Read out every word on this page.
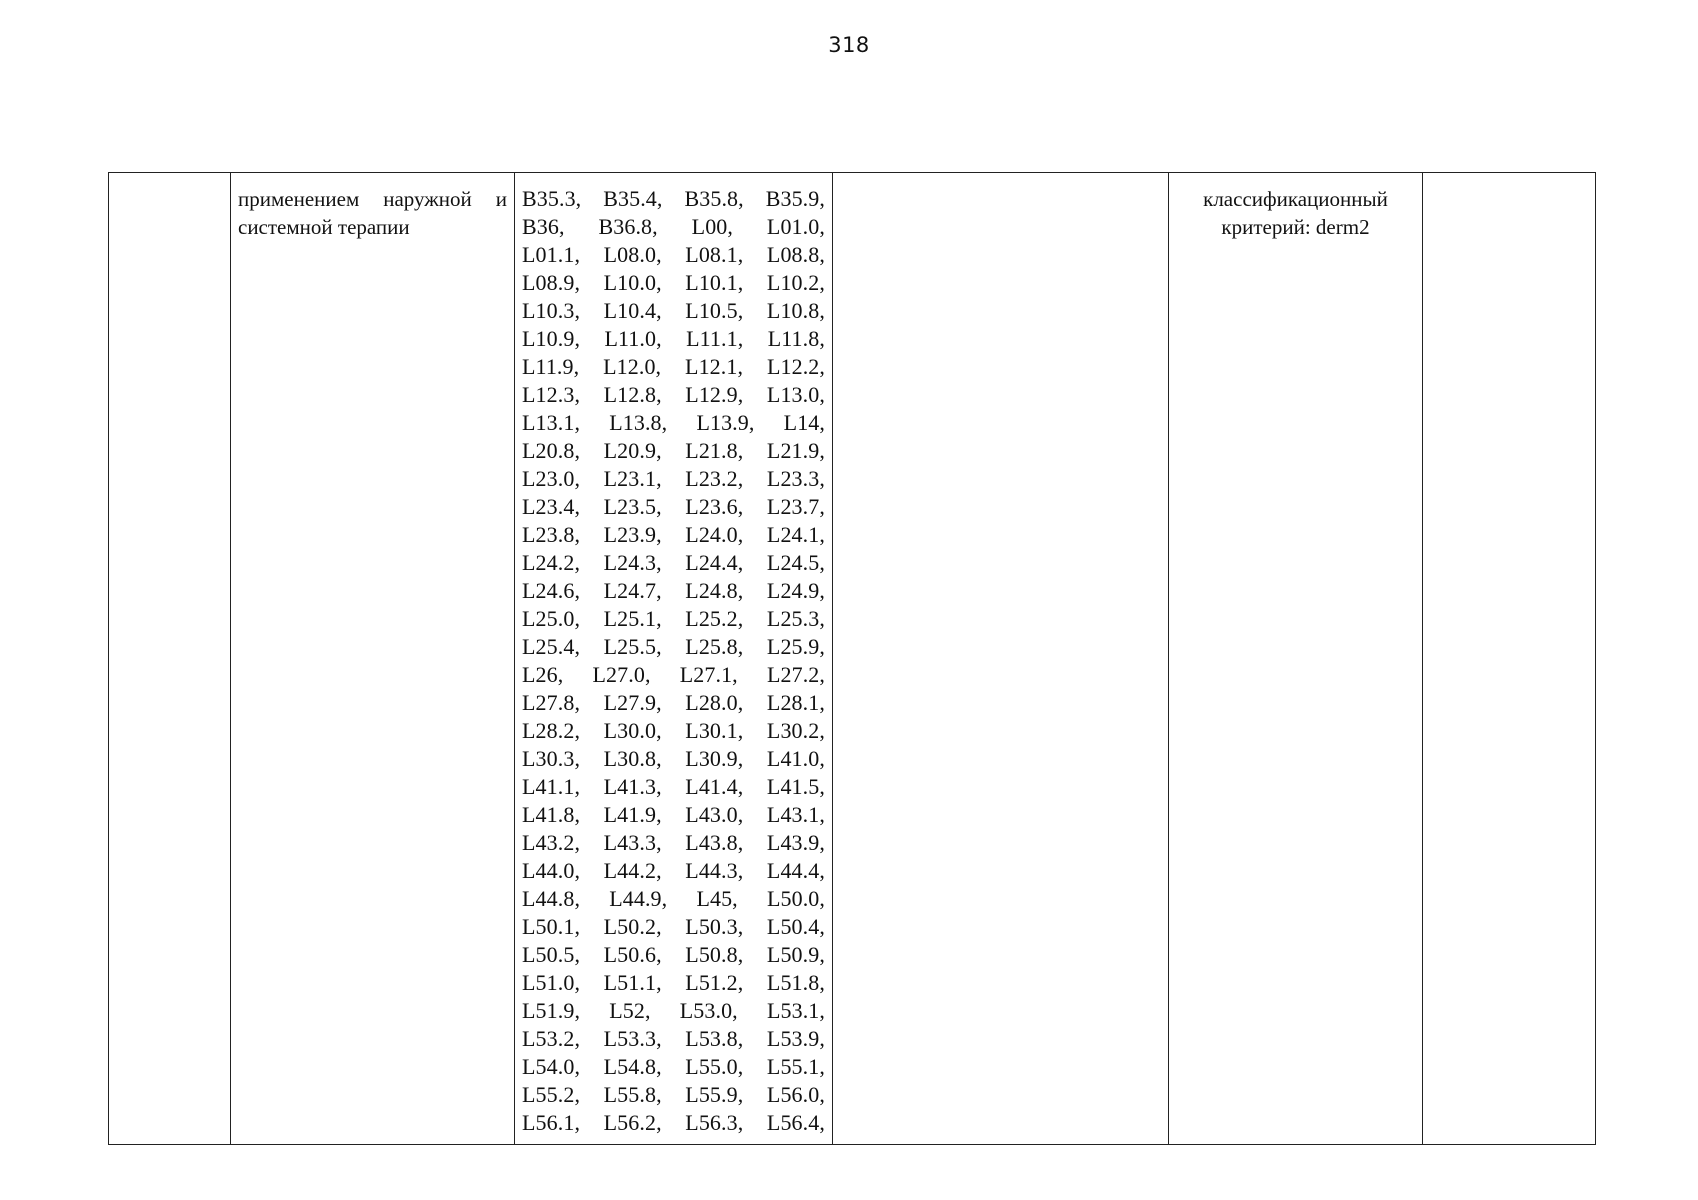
318

применением наружной и
системной терапии

B35.3, B35.4, B35.8, B35.9,
B36, B36.8, L00, L01.0,
L01.1, L08.0, L08.1, L08.8,
L08.9, L10.0, L10.1, L10.2,
L10.3, L10.4, L10.5, L10.8,
L10.9, L11.0, L11.1, L11.8,
L11.9, L12.0, L12.1, L12.2,
L12.3, L12.8, L12.9, L13.0,
L13.1, L13.8, L13.9, L14,
L20.8, L20.9, L21.8, L21.9,
L23.0, L23.1, L23.2, L23.3,
L23.4, L23.5, L23.6, L23.7,
L23.8, L23.9, L24.0, L24.1,
L24.2, L24.3, L24.4, L24.5,
L24.6, L24.7, L24.8, L24.9,
L25.0, L25.1, L25.2, L25.3,
L25.4, L25.5, L25.8, L25.9,
L26, L27.0, L27.1, L27.2,
L27.8, L27.9, L28.0, L28.1,
L28.2, L30.0, L30.1, L30.2,
L30.3, L30.8, L30.9, L41.0,
L41.1, L41.3, L41.4, L41.5,
L41.8, L41.9, L43.0, L43.1,
L43.2, L43.3, L43.8, L43.9,
L44.0, L44.2, L44.3, L44.4,
L44.8, L44.9, L45, L50.0,
L50.1, L50.2, L50.3, L50.4,
L50.5, L50.6, L50.8, L50.9,
L51.0, L51.1, L51.2, L51.8,
L51.9, L52, L53.0, L53.1,
L53.2, L53.3, L53.8, L53.9,
L54.0, L54.8, L55.0, L55.1,
L55.2, L55.8, L55.9, L56.0,
L56.1, L56.2, L56.3, L56.4,

классификационный
критерий: derm2
